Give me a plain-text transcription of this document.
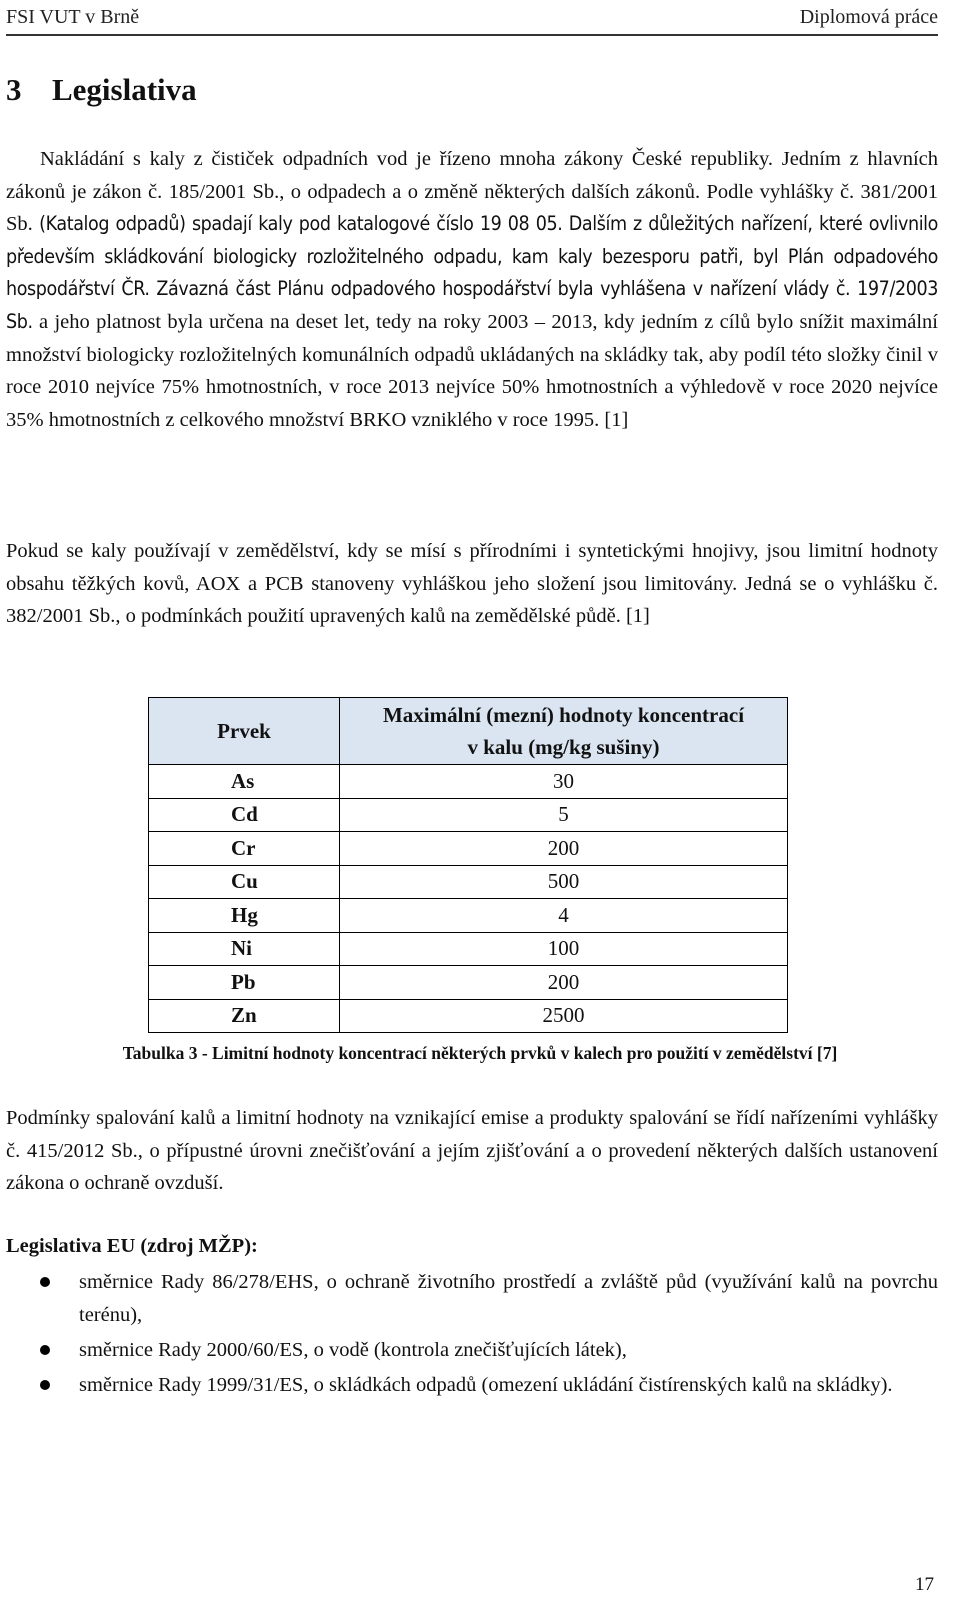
FSI VUT v Brně	Diplomová práce
3 Legislativa

Nakládání s kaly z čističek odpadních vod je řízeno mnoha zákony České republiky. Jedním z hlavních zákonů je zákon č. 185/2001 Sb., o odpadech a o změně některých dalších zákonů. Podle vyhlášky č. 381/2001 Sb. (Katalog odpadů) spadají kaly pod katalogové číslo 19 08 05. Dalším z důležitých nařízení, které ovlivnilo především skládkování biologicky rozložitelného odpadu, kam kaly bezesporu patři, byl Plán odpadového hospodářství ČR. Závazná část Plánu odpadového hospodářství byla vyhlášena v nařízení vlády č. 197/2003 Sb. a jeho platnost byla určena na deset let, tedy na roky 2003 – 2013, kdy jedním z cílů bylo snížit maximální množství biologicky rozložitelných komunálních odpadů ukládaných na skládky tak, aby podíl této složky činil v roce 2010 nejvíce 75% hmotnostních, v roce 2013 nejvíce 50% hmotnostních a výhledově v roce 2020 nejvíce 35% hmotnostních z celkového množství BRKO vzniklého v roce 1995. [1]

Pokud se kaly používají v zemědělství, kdy se mísí s přírodními i syntetickými hnojivy, jsou limitní hodnoty obsahu těžkých kovů, AOX a PCB stanoveny vyhláškou jeho složení jsou limitovány. Jedná se o vyhlášku č. 382/2001 Sb., o podmínkách použití upravených kalů na zemědělské půdě. [1]

Prvek	Maximální (mezní) hodnoty koncentrací
v kalu (mg/kg sušiny)
As	30
Cd	5
Cr	200
Cu	500
Hg	4
Ni	100
Pb	200
Zn	2500
Tabulka 3 - Limitní hodnoty koncentrací některých prvků v kalech pro použití v zemědělství [7]

Podmínky spalování kalů a limitní hodnoty na vznikající emise a produkty spalování se řídí nařízeními vyhlášky č. 415/2012 Sb., o přípustné úrovni znečišťování a jejím zjišťování a o provedení některých dalších ustanovení zákona o ochraně ovzduší.

Legislativa EU (zdroj MŽP):
směrnice Rady 86/278/EHS, o ochraně životního prostředí a zvláště půd (využívání kalů na povrchu terénu),
směrnice Rady 2000/60/ES, o vodě (kontrola znečišťujících látek),
směrnice Rady 1999/31/ES, o skládkách odpadů (omezení ukládání čistírenských kalů na skládky).
17
